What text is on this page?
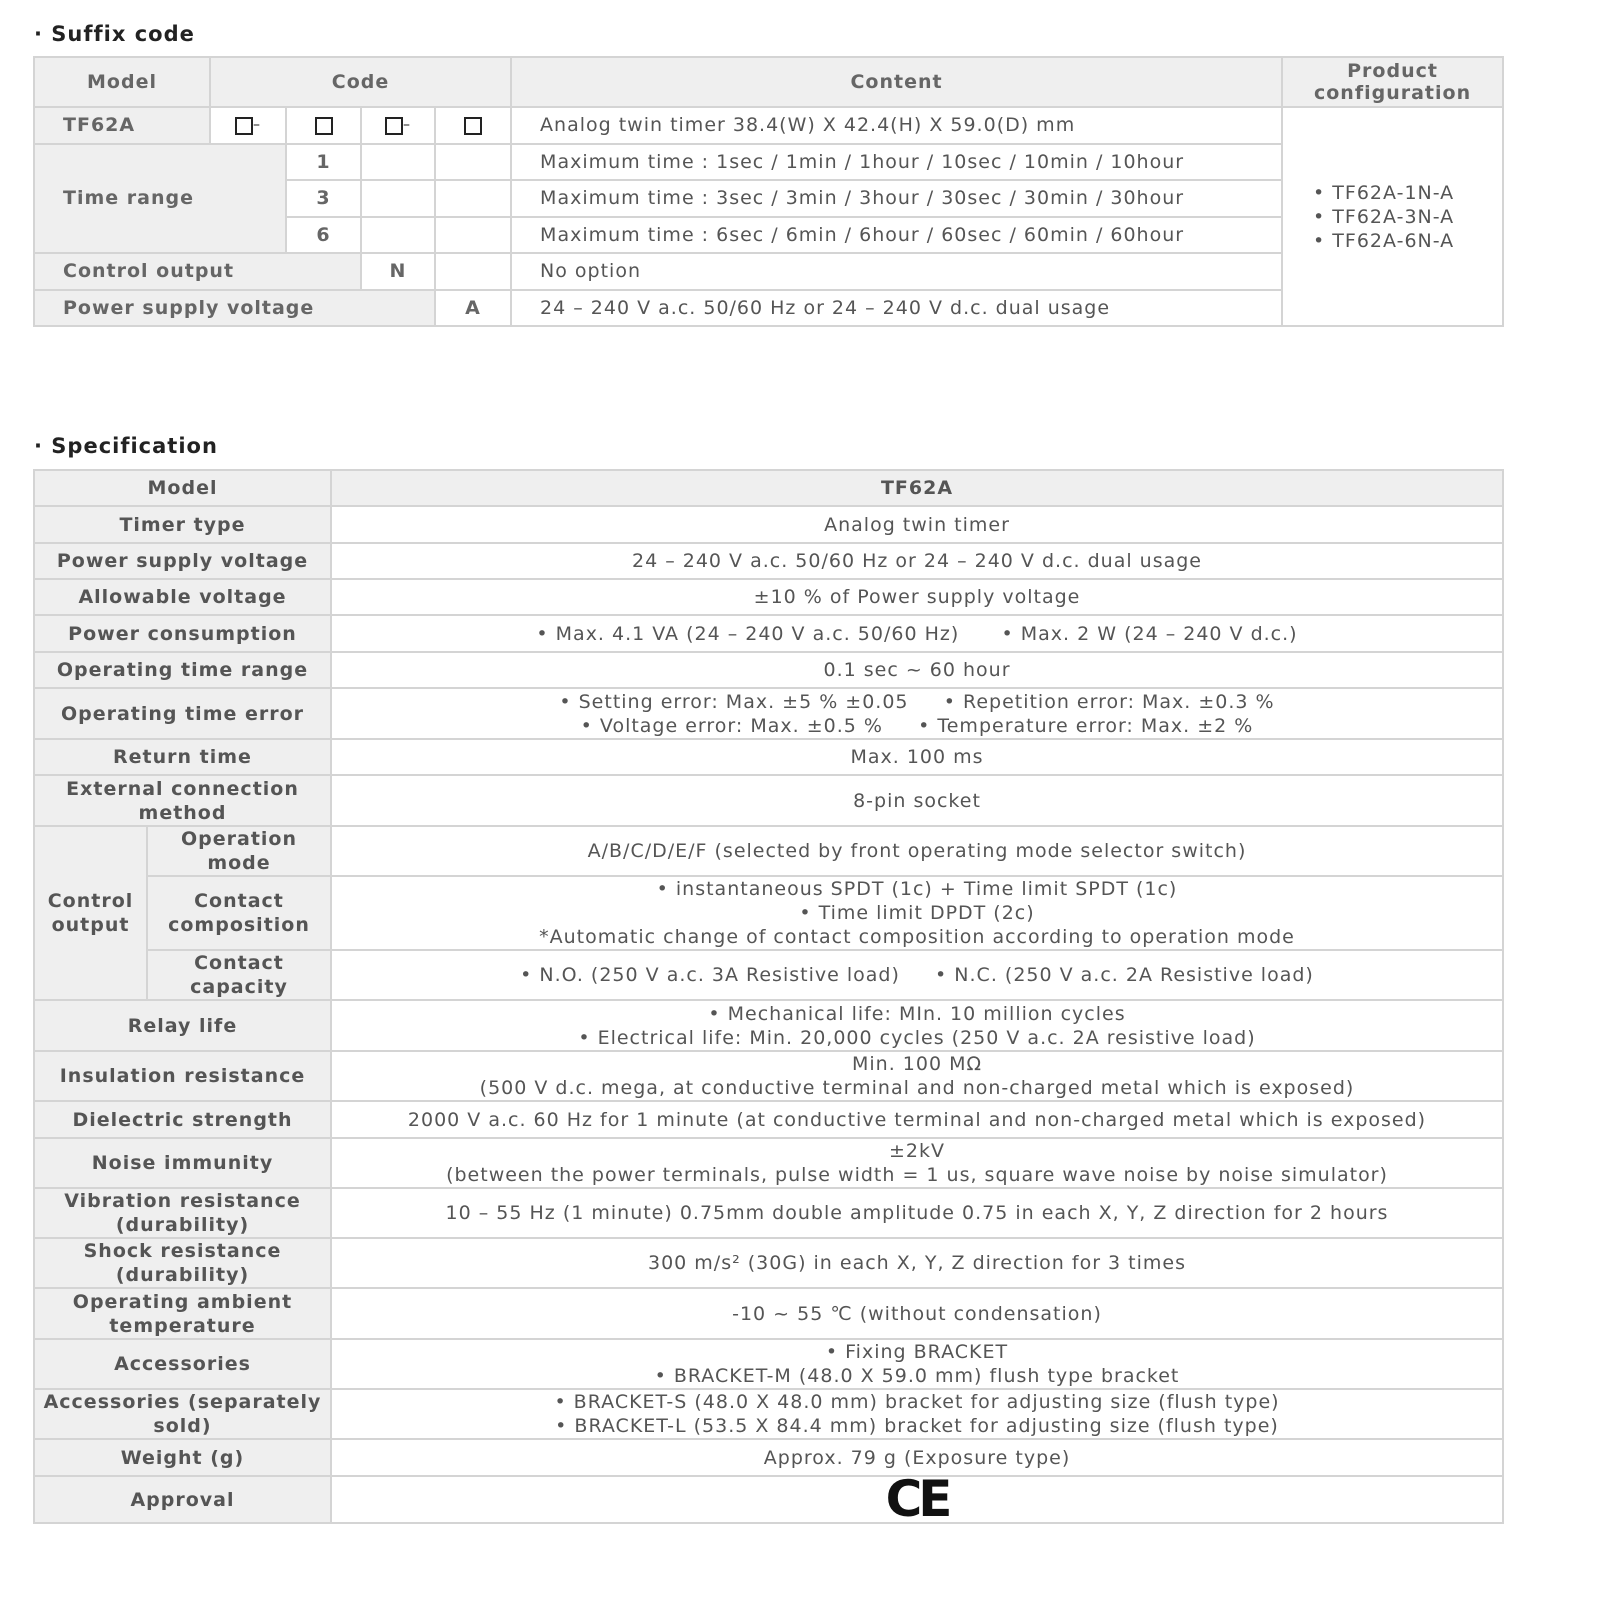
· Suffix code
Model	Code				Content	Product configuration
TF62A	–		–		Analog twin timer 38.4(W) X 42.4(H) X 59.0(D) mm	• TF62A-1N-A
• TF62A-3N-A
• TF62A-6N-A

Time range		1			Maximum time : 1sec / 1min / 1hour / 10sec / 10min / 10hour	
		3			Maximum time : 3sec / 3min / 3hour / 30sec / 30min / 30hour	
		6			Maximum time : 6sec / 6min / 6hour / 60sec / 60min / 60hour	
Control output			N		No option	
Power supply voltage				A	24 – 240 V a.c. 50/60 Hz or 24 – 240 V d.c. dual usage	
· Specification
Model		TF62A
Timer type		Analog twin timer

Power supply voltage		24 – 240 V a.c. 50/60 Hz or 24 – 240 V d.c. dual usage

Allowable voltage		±10 % of Power supply voltage

Power consumption		• Max. 4.1 VA (24 – 240 V a.c. 50/60 Hz)      • Max. 2 W (24 – 240 V d.c.)

Operating time range		0.1 sec ~ 60 hour

Operating time error		• Setting error: Max. ±5 % ±0.05     • Repetition error: Max. ±0.3 %
• Voltage error: Max. ±0.5 %     • Temperature error: Max. ±2 %

Return time		Max. 100 ms

External connection method		8-pin socket

Control output	Operation mode	A/B/C/D/E/F (selected by front operating mode selector switch)

	Contact composition	• instantaneous SPDT (1c) + Time limit SPDT (1c)
• Time limit DPDT (2c)
*Automatic change of contact composition according to operation mode

	Contact capacity	• N.O. (250 V a.c. 3A Resistive load)     • N.C. (250 V a.c. 2A Resistive load)

Relay life		• Mechanical life: MIn. 10 million cycles
• Electrical life: Min. 20,000 cycles (250 V a.c. 2A resistive load)

Insulation resistance		Min. 100 MΩ
(500 V d.c. mega, at conductive terminal and non-charged metal which is exposed)

Dielectric strength		2000 V a.c. 60 Hz for 1 minute (at conductive terminal and non-charged metal which is exposed)

Noise immunity		±2kV
(between the power terminals, pulse width = 1 us, square wave noise by noise simulator)

Vibration resistance (durability)		10 – 55 Hz (1 minute) 0.75mm double amplitude 0.75 in each X, Y, Z direction for 2 hours

Shock resistance (durability)		300 m/s² (30G) in each X, Y, Z direction for 3 times

Operating ambient temperature		-10 ~ 55 ℃ (without condensation)

Accessories		• Fixing BRACKET
• BRACKET-M (48.0 X 59.0 mm) flush type bracket

Accessories (separately sold)		• BRACKET-S (48.0 X 48.0 mm) bracket for adjusting size (flush type)
• BRACKET-L (53.5 X 84.4 mm) bracket for adjusting size (flush type)

Weight (g)		Approx. 79 g (Exposure type)

Approval		CE
